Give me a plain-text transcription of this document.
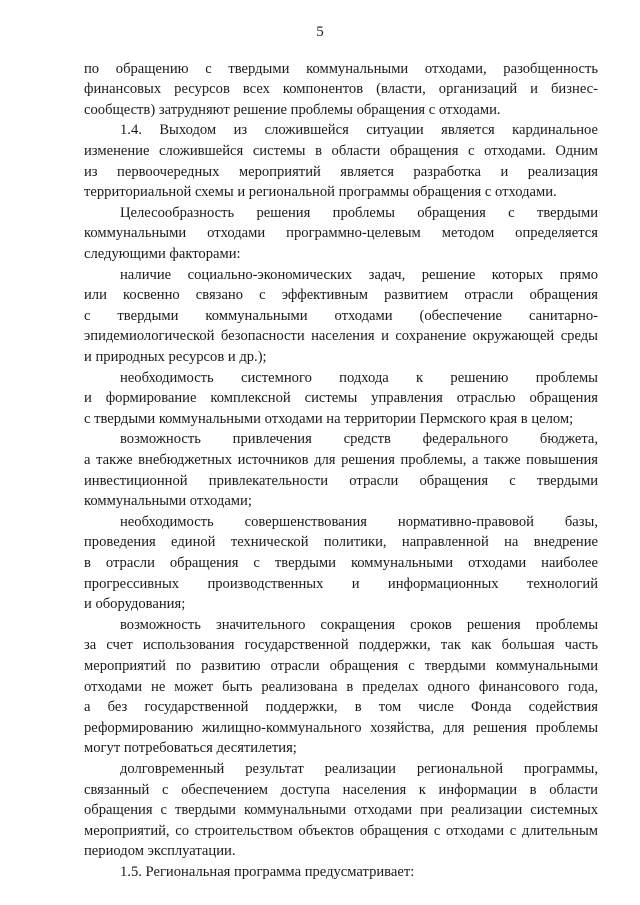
5
по обращению с твердыми коммунальными отходами, разобщенность
финансовых ресурсов всех компонентов (власти, организаций и бизнес-
сообществ) затрудняют решение проблемы обращения с отходами.
1.4. Выходом из сложившейся ситуации является кардинальное
изменение сложившейся системы в области обращения с отходами. Одним
из первоочередных мероприятий является разработка и реализация
территориальной схемы и региональной программы обращения с отходами.
Целесообразность решения проблемы обращения с твердыми
коммунальными отходами программно-целевым методом определяется
следующими факторами:
наличие социально-экономических задач, решение которых прямо
или косвенно связано с эффективным развитием отрасли обращения
с твердыми коммунальными отходами (обеспечение санитарно-
эпидемиологической безопасности населения и сохранение окружающей среды
и природных ресурсов и др.);
необходимость системного подхода к решению проблемы
и формирование комплексной системы управления отраслью обращения
с твердыми коммунальными отходами на территории Пермского края в целом;
возможность привлечения средств федерального бюджета,
а также внебюджетных источников для решения проблемы, а также повышения
инвестиционной привлекательности отрасли обращения с твердыми
коммунальными отходами;
необходимость совершенствования нормативно-правовой базы,
проведения единой технической политики, направленной на внедрение
в отрасли обращения с твердыми коммунальными отходами наиболее
прогрессивных производственных и информационных технологий
и оборудования;
возможность значительного сокращения сроков решения проблемы
за счет использования государственной поддержки, так как большая часть
мероприятий по развитию отрасли обращения с твердыми коммунальными
отходами не может быть реализована в пределах одного финансового года,
а без государственной поддержки, в том числе Фонда содействия
реформированию жилищно-коммунального хозяйства, для решения проблемы
могут потребоваться десятилетия;
долговременный результат реализации региональной программы,
связанный с обеспечением доступа населения к информации в области
обращения с твердыми коммунальными отходами при реализации системных
мероприятий, со строительством объектов обращения с отходами с длительным
периодом эксплуатации.
1.5. Региональная программа предусматривает:
